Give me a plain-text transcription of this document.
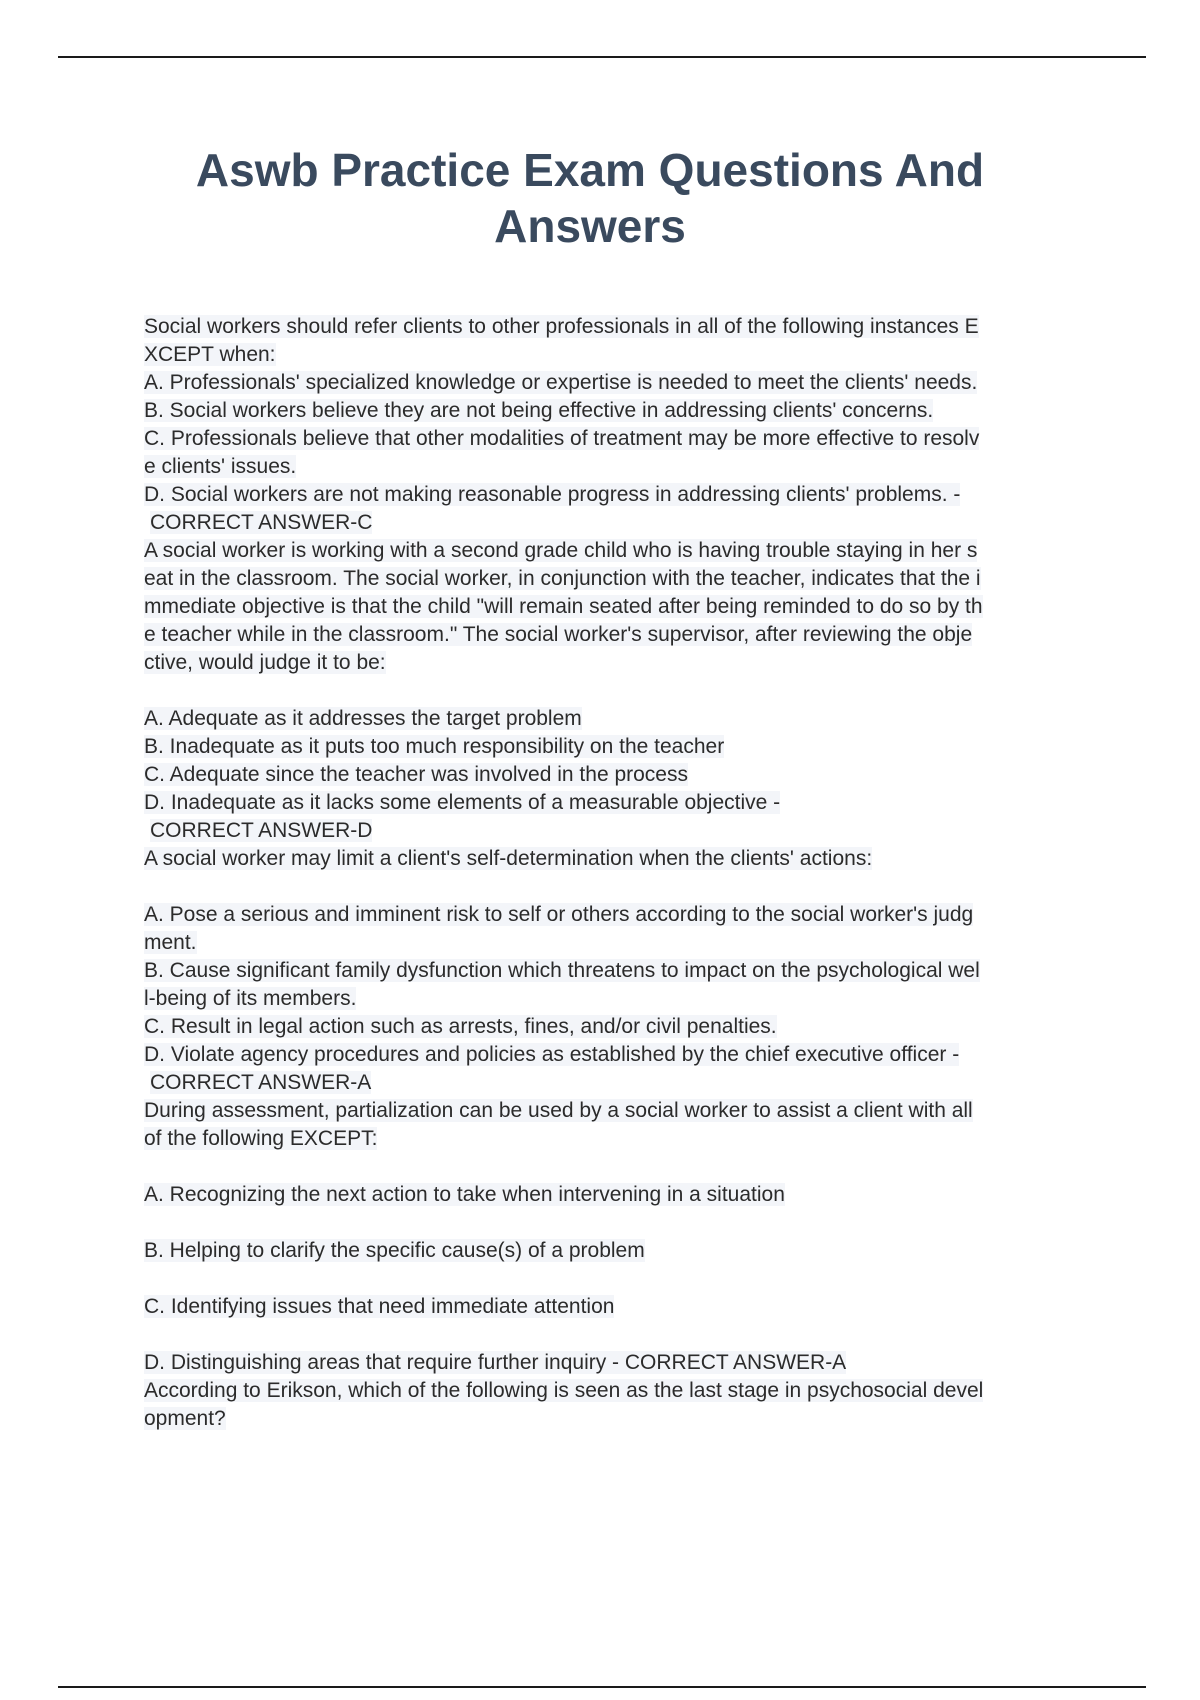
Aswb Practice Exam Questions And
Answers
Social workers should refer clients to other professionals in all of the following instances E
XCEPT when:
A. Professionals' specialized knowledge or expertise is needed to meet the clients' needs.
B. Social workers believe they are not being effective in addressing clients' concerns.
C. Professionals believe that other modalities of treatment may be more effective to resolv
e clients' issues.
D. Social workers are not making reasonable progress in addressing clients' problems. -
CORRECT ANSWER-C
A social worker is working with a second grade child who is having trouble staying in her s
eat in the classroom. The social worker, in conjunction with the teacher, indicates that the i
mmediate objective is that the child "will remain seated after being reminded to do so by th
e teacher while in the classroom." The social worker's supervisor, after reviewing the obje
ctive, would judge it to be:
A. Adequate as it addresses the target problem
B. Inadequate as it puts too much responsibility on the teacher
C. Adequate since the teacher was involved in the process
D. Inadequate as it lacks some elements of a measurable objective -
CORRECT ANSWER-D
A social worker may limit a client's self-determination when the clients' actions:
A. Pose a serious and imminent risk to self or others according to the social worker's judg
ment.
B. Cause significant family dysfunction which threatens to impact on the psychological wel
l-being of its members.
C. Result in legal action such as arrests, fines, and/or civil penalties.
D. Violate agency procedures and policies as established by the chief executive officer -
CORRECT ANSWER-A
During assessment, partialization can be used by a social worker to assist a client with all
of the following EXCEPT:
A. Recognizing the next action to take when intervening in a situation
B. Helping to clarify the specific cause(s) of a problem
C. Identifying issues that need immediate attention
D. Distinguishing areas that require further inquiry - CORRECT ANSWER-A
According to Erikson, which of the following is seen as the last stage in psychosocial devel
opment?
